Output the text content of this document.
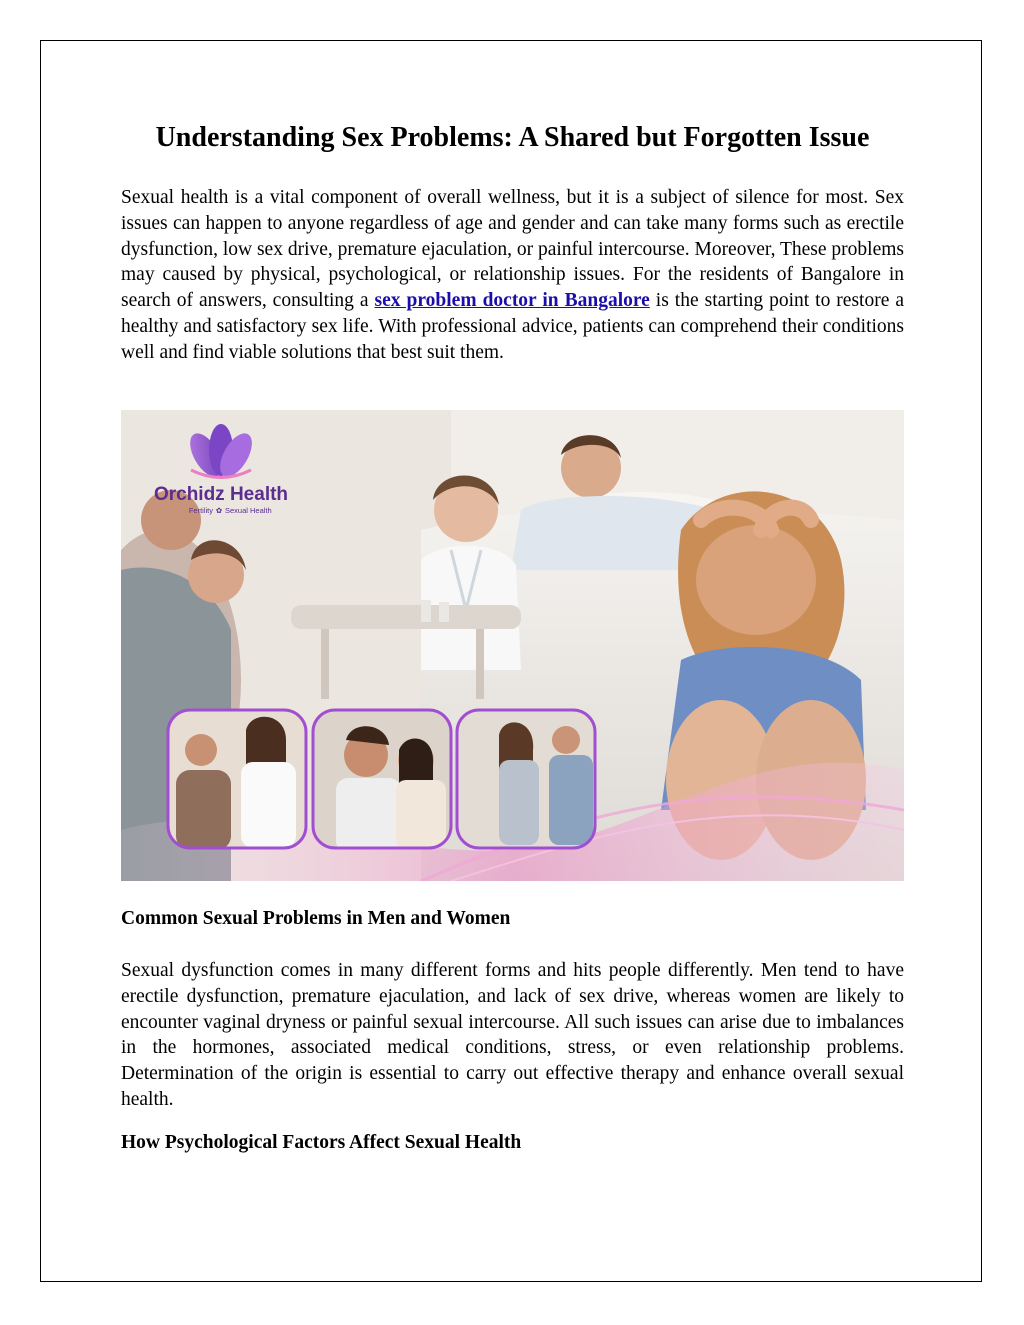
Understanding Sex Problems: A Shared but Forgotten Issue

Sexual health is a vital component of overall wellness, but it is a subject of silence for most. Sex issues can happen to anyone regardless of age and gender and can take many forms such as erectile dysfunction, low sex drive, premature ejaculation, or painful intercourse. Moreover, These problems may caused by physical, psychological, or relationship issues. For the residents of Bangalore in search of answers, consulting a sex problem doctor in Bangalore is the starting point to restore a healthy and satisfactory sex life. With professional advice, patients can comprehend their conditions well and find viable solutions that best suit them.

Orchidz Health
Fertility ✿ Sexual Health
Common Sexual Problems in Men and Women

Sexual dysfunction comes in many different forms and hits people differently. Men tend to have erectile dysfunction, premature ejaculation, and lack of sex drive, whereas women are likely to encounter vaginal dryness or painful sexual intercourse. All such issues can arise due to imbalances in the hormones, associated medical conditions, stress, or even relationship problems. Determination of the origin is essential to carry out effective therapy and enhance overall sexual health.

How Psychological Factors Affect Sexual Health
